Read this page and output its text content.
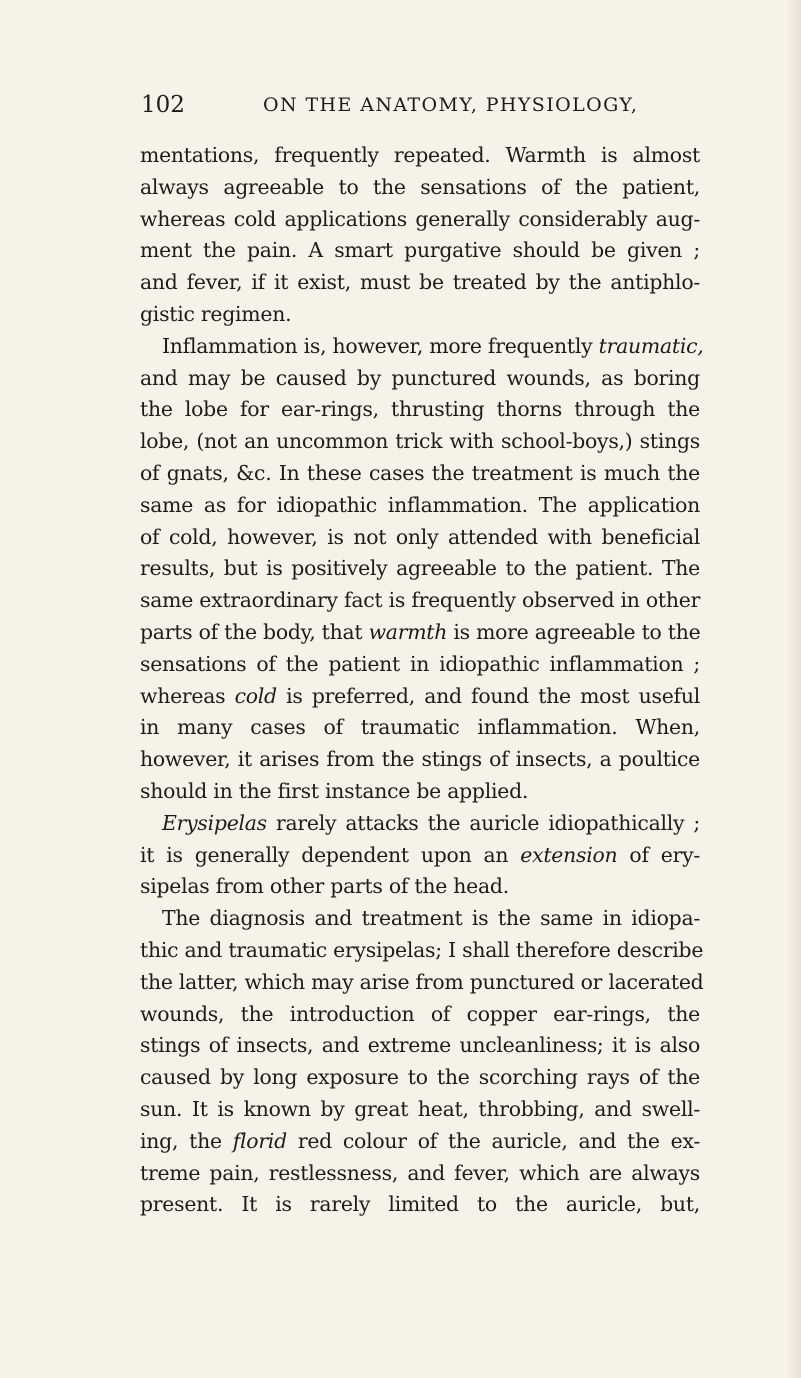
102	ON THE ANATOMY, PHYSIOLOGY,
mentations, frequently repeated. Warmth is almost
always agreeable to the sensations of the patient,
whereas cold applications generally considerably aug-
ment the pain. A smart purgative should be given ;
and fever, if it exist, must be treated by the antiphlo-
gistic regimen.
Inflammation is, however, more frequently traumatic,
and may be caused by punctured wounds, as boring
the lobe for ear-rings, thrusting thorns through the
lobe, (not an uncommon trick with school-boys,) stings
of gnats, &c. In these cases the treatment is much the
same as for idiopathic inflammation. The application
of cold, however, is not only attended with beneficial
results, but is positively agreeable to the patient. The
same extraordinary fact is frequently observed in other
parts of the body, that warmth is more agreeable to the
sensations of the patient in idiopathic inflammation ;
whereas cold is preferred, and found the most useful
in many cases of traumatic inflammation. When,
however, it arises from the stings of insects, a poultice
should in the first instance be applied.
Erysipelas rarely attacks the auricle idiopathically ;
it is generally dependent upon an extension of ery-
sipelas from other parts of the head.
The diagnosis and treatment is the same in idiopa-
thic and traumatic erysipelas; I shall therefore describe
the latter, which may arise from punctured or lacerated
wounds, the introduction of copper ear-rings, the
stings of insects, and extreme uncleanliness; it is also
caused by long exposure to the scorching rays of the
sun. It is known by great heat, throbbing, and swell-
ing, the florid red colour of the auricle, and the ex-
treme pain, restlessness, and fever, which are always
present. It is rarely limited to the auricle, but,
